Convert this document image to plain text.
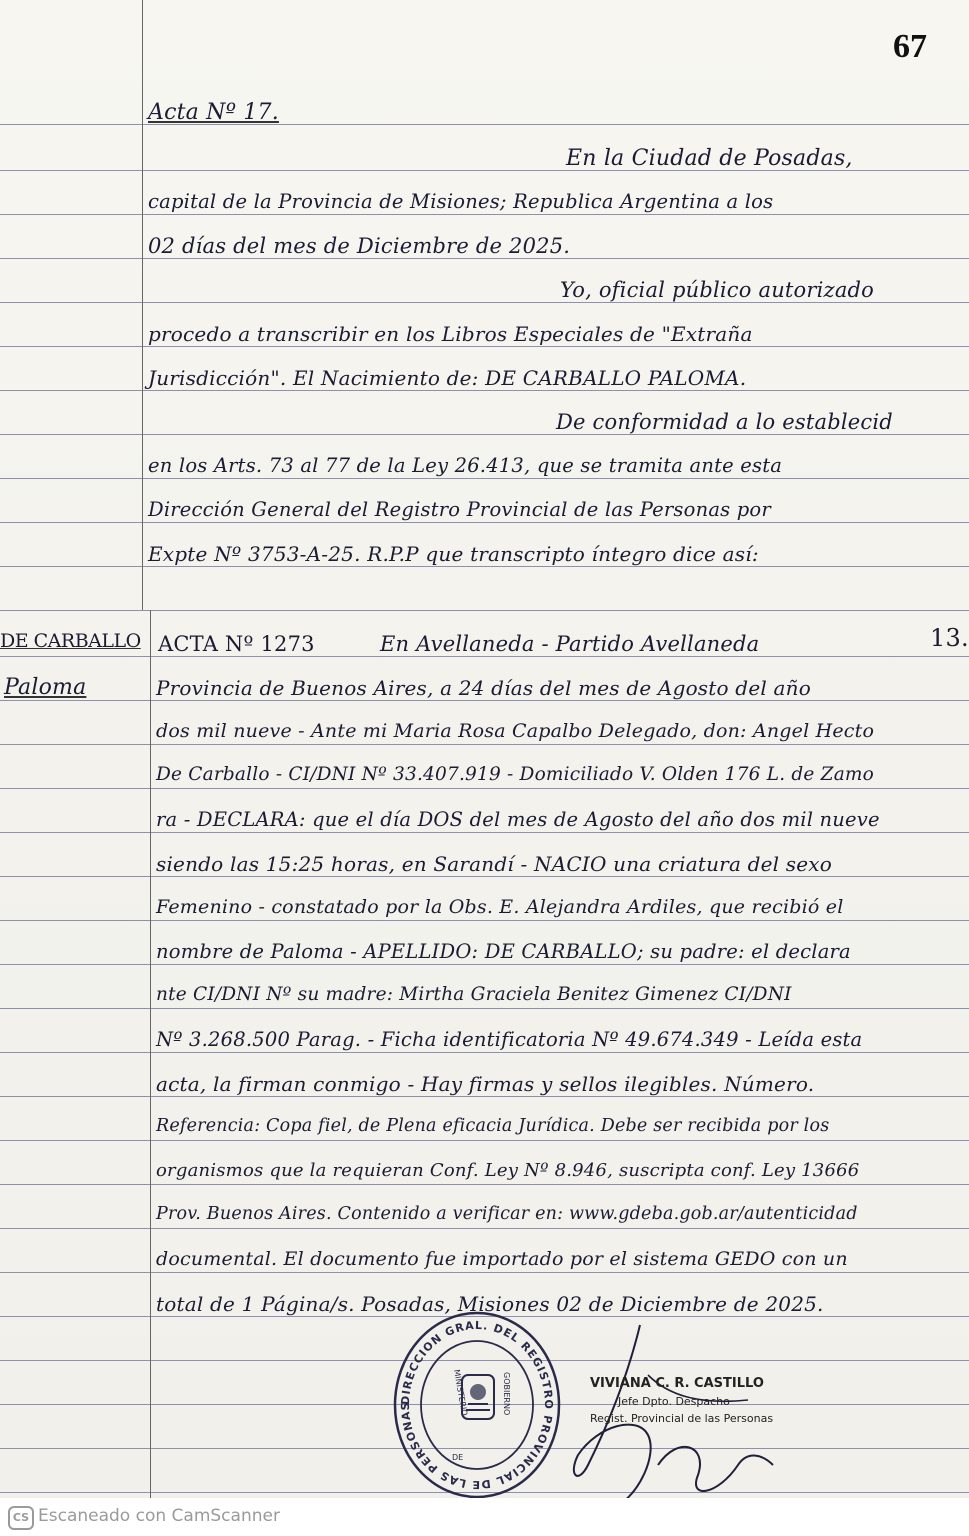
67
Acta Nº 17.
En la Ciudad de Posadas,
capital de la Provincia de Misiones; Republica Argentina a los
02 días del mes de Diciembre de 2025.
Yo, oficial público autorizado
procedo a transcribir en los Libros Especiales de "Extraña
Jurisdicción". El Nacimiento de: DE CARBALLO PALOMA.
De conformidad a lo establecid
en los Arts. 73 al 77 de la Ley 26.413, que se tramita ante esta
Dirección General del Registro Provincial de las Personas por
Expte Nº 3753-A-25. R.P.P que transcripto íntegro dice así:
DE CARBALLO
Paloma
ACTA Nº 1273	En Avellaneda - Partido Avellaneda	13.
Provincia de Buenos Aires, a 24 días del mes de Agosto del año
dos mil nueve - Ante mi Maria Rosa Capalbo Delegado, don: Angel Hecto
De Carballo - CI/DNI Nº 33.407.919 - Domiciliado V. Olden 176 L. de Zamo
ra - DECLARA: que el día DOS del mes de Agosto del año dos mil nueve
siendo las 15:25 horas, en Sarandí - NACIO una criatura del sexo
Femenino - constatado por la Obs. E. Alejandra Ardiles, que recibió el
nombre de Paloma - APELLIDO: DE CARBALLO; su padre: el declara
nte CI/DNI Nº su madre: Mirtha Graciela Benitez Gimenez CI/DNI
Nº 3.268.500 Parag. - Ficha identificatoria Nº 49.674.349 - Leída esta
acta, la firman conmigo - Hay firmas y sellos ilegibles. Número.
Referencia: Copa fiel, de Plena eficacia Jurídica. Debe ser recibida por los
organismos que la requieran Conf. Ley Nº 8.946, suscripta conf. Ley 13666
Prov. Buenos Aires. Contenido a verificar en: www.gdeba.gob.ar/autenticidad
documental. El documento fue importado por el sistema GEDO con un
total de 1 Página/s. Posadas, Misiones 02 de Diciembre de 2025.
DIRECCION GRAL. DEL REGISTRO PROVINCIAL DE LAS PERSONAS	MINISTERIO	GOBIERNO
DE
VIVIANA C. R. CASTILLO
Jefe Dpto. Despacho
Regist. Provincial de las Personas
CS Escaneado con CamScanner
